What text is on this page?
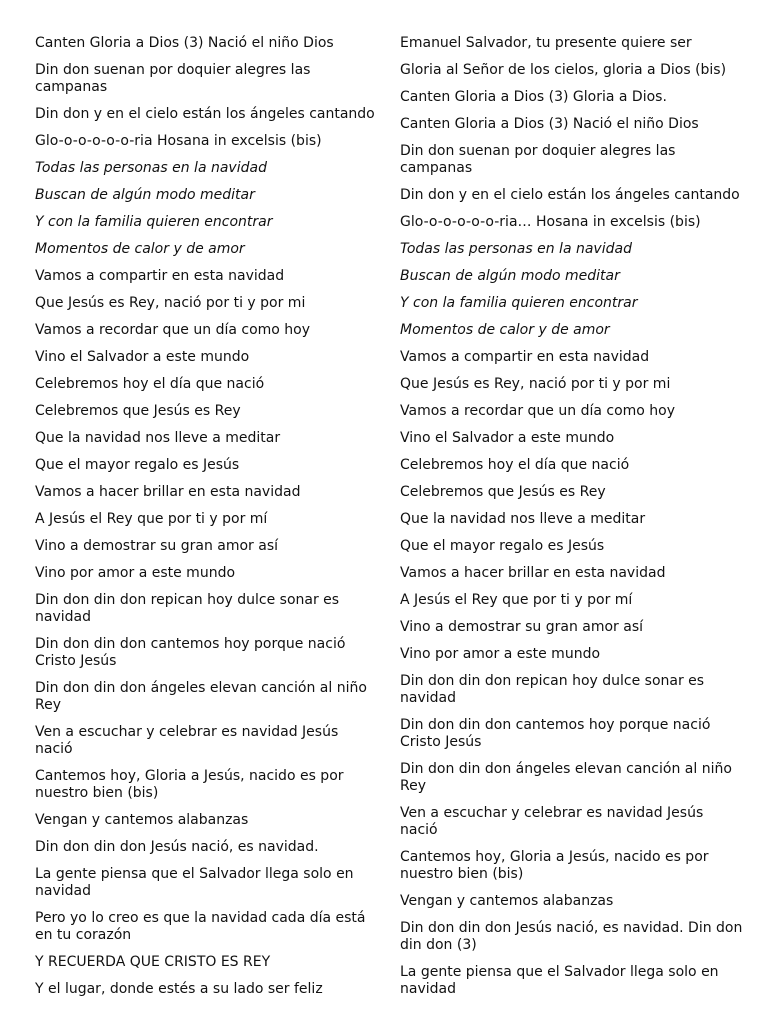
Canten Gloria a Dios (3) Nació el niño Dios
Din don suenan por doquier alegres las campanas
Din don y en el cielo están los ángeles cantando
Glo-o-o-o-o-o-ria Hosana in excelsis (bis)
Todas las personas en la navidad
Buscan de algún modo meditar
Y con la familia quieren encontrar
Momentos de calor y de amor
Vamos a compartir en esta navidad
Que Jesús es Rey, nació por ti y por mi
Vamos a recordar que un día como hoy
Vino el Salvador a este mundo
Celebremos hoy el día que nació
Celebremos que Jesús es Rey
Que la navidad nos lleve a meditar
Que el mayor regalo es Jesús
Vamos a hacer brillar en esta navidad
A Jesús el Rey que por ti y por mí
Vino a demostrar su gran amor así
Vino por amor a este mundo
Din don din don repican hoy dulce sonar es navidad
Din don din don cantemos hoy porque nació Cristo Jesús
Din don din don ángeles elevan canción al niño Rey
Ven a escuchar y celebrar es navidad Jesús nació
Cantemos hoy, Gloria a Jesús, nacido es por nuestro bien (bis)
Vengan y cantemos alabanzas
Din don din don Jesús nació, es navidad.
La gente piensa que el Salvador llega solo en navidad
Pero yo lo creo es que la navidad cada día está en tu corazón
Y RECUERDA QUE CRISTO ES REY
Y el lugar, donde estés a su lado ser feliz
Emanuel Salvador, tu presente quiere ser
Gloria al Señor de los cielos, gloria a Dios (bis)
Canten Gloria a Dios (3) Gloria a Dios.
Canten Gloria a Dios (3) Nació el niño Dios
Din don suenan por doquier alegres las campanas
Din don y en el cielo están los ángeles cantando
Glo-o-o-o-o-o-ria… Hosana in excelsis (bis)
Todas las personas en la navidad
Buscan de algún modo meditar
Y con la familia quieren encontrar
Momentos de calor y de amor
Vamos a compartir en esta navidad
Que Jesús es Rey, nació por ti y por mi
Vamos a recordar que un día como hoy
Vino el Salvador a este mundo
Celebremos hoy el día que nació
Celebremos que Jesús es Rey
Que la navidad nos lleve a meditar
Que el mayor regalo es Jesús
Vamos a hacer brillar en esta navidad
A Jesús el Rey que por ti y por mí
Vino a demostrar su gran amor así
Vino por amor a este mundo
Din don din don repican hoy dulce sonar es navidad
Din don din don cantemos hoy porque nació Cristo Jesús
Din don din don ángeles elevan canción al niño Rey
Ven a escuchar y celebrar es navidad Jesús nació
Cantemos hoy, Gloria a Jesús, nacido es por nuestro bien (bis)
Vengan y cantemos alabanzas
Din don din don Jesús nació, es navidad. Din don din don (3)
La gente piensa que el Salvador llega solo en navidad
